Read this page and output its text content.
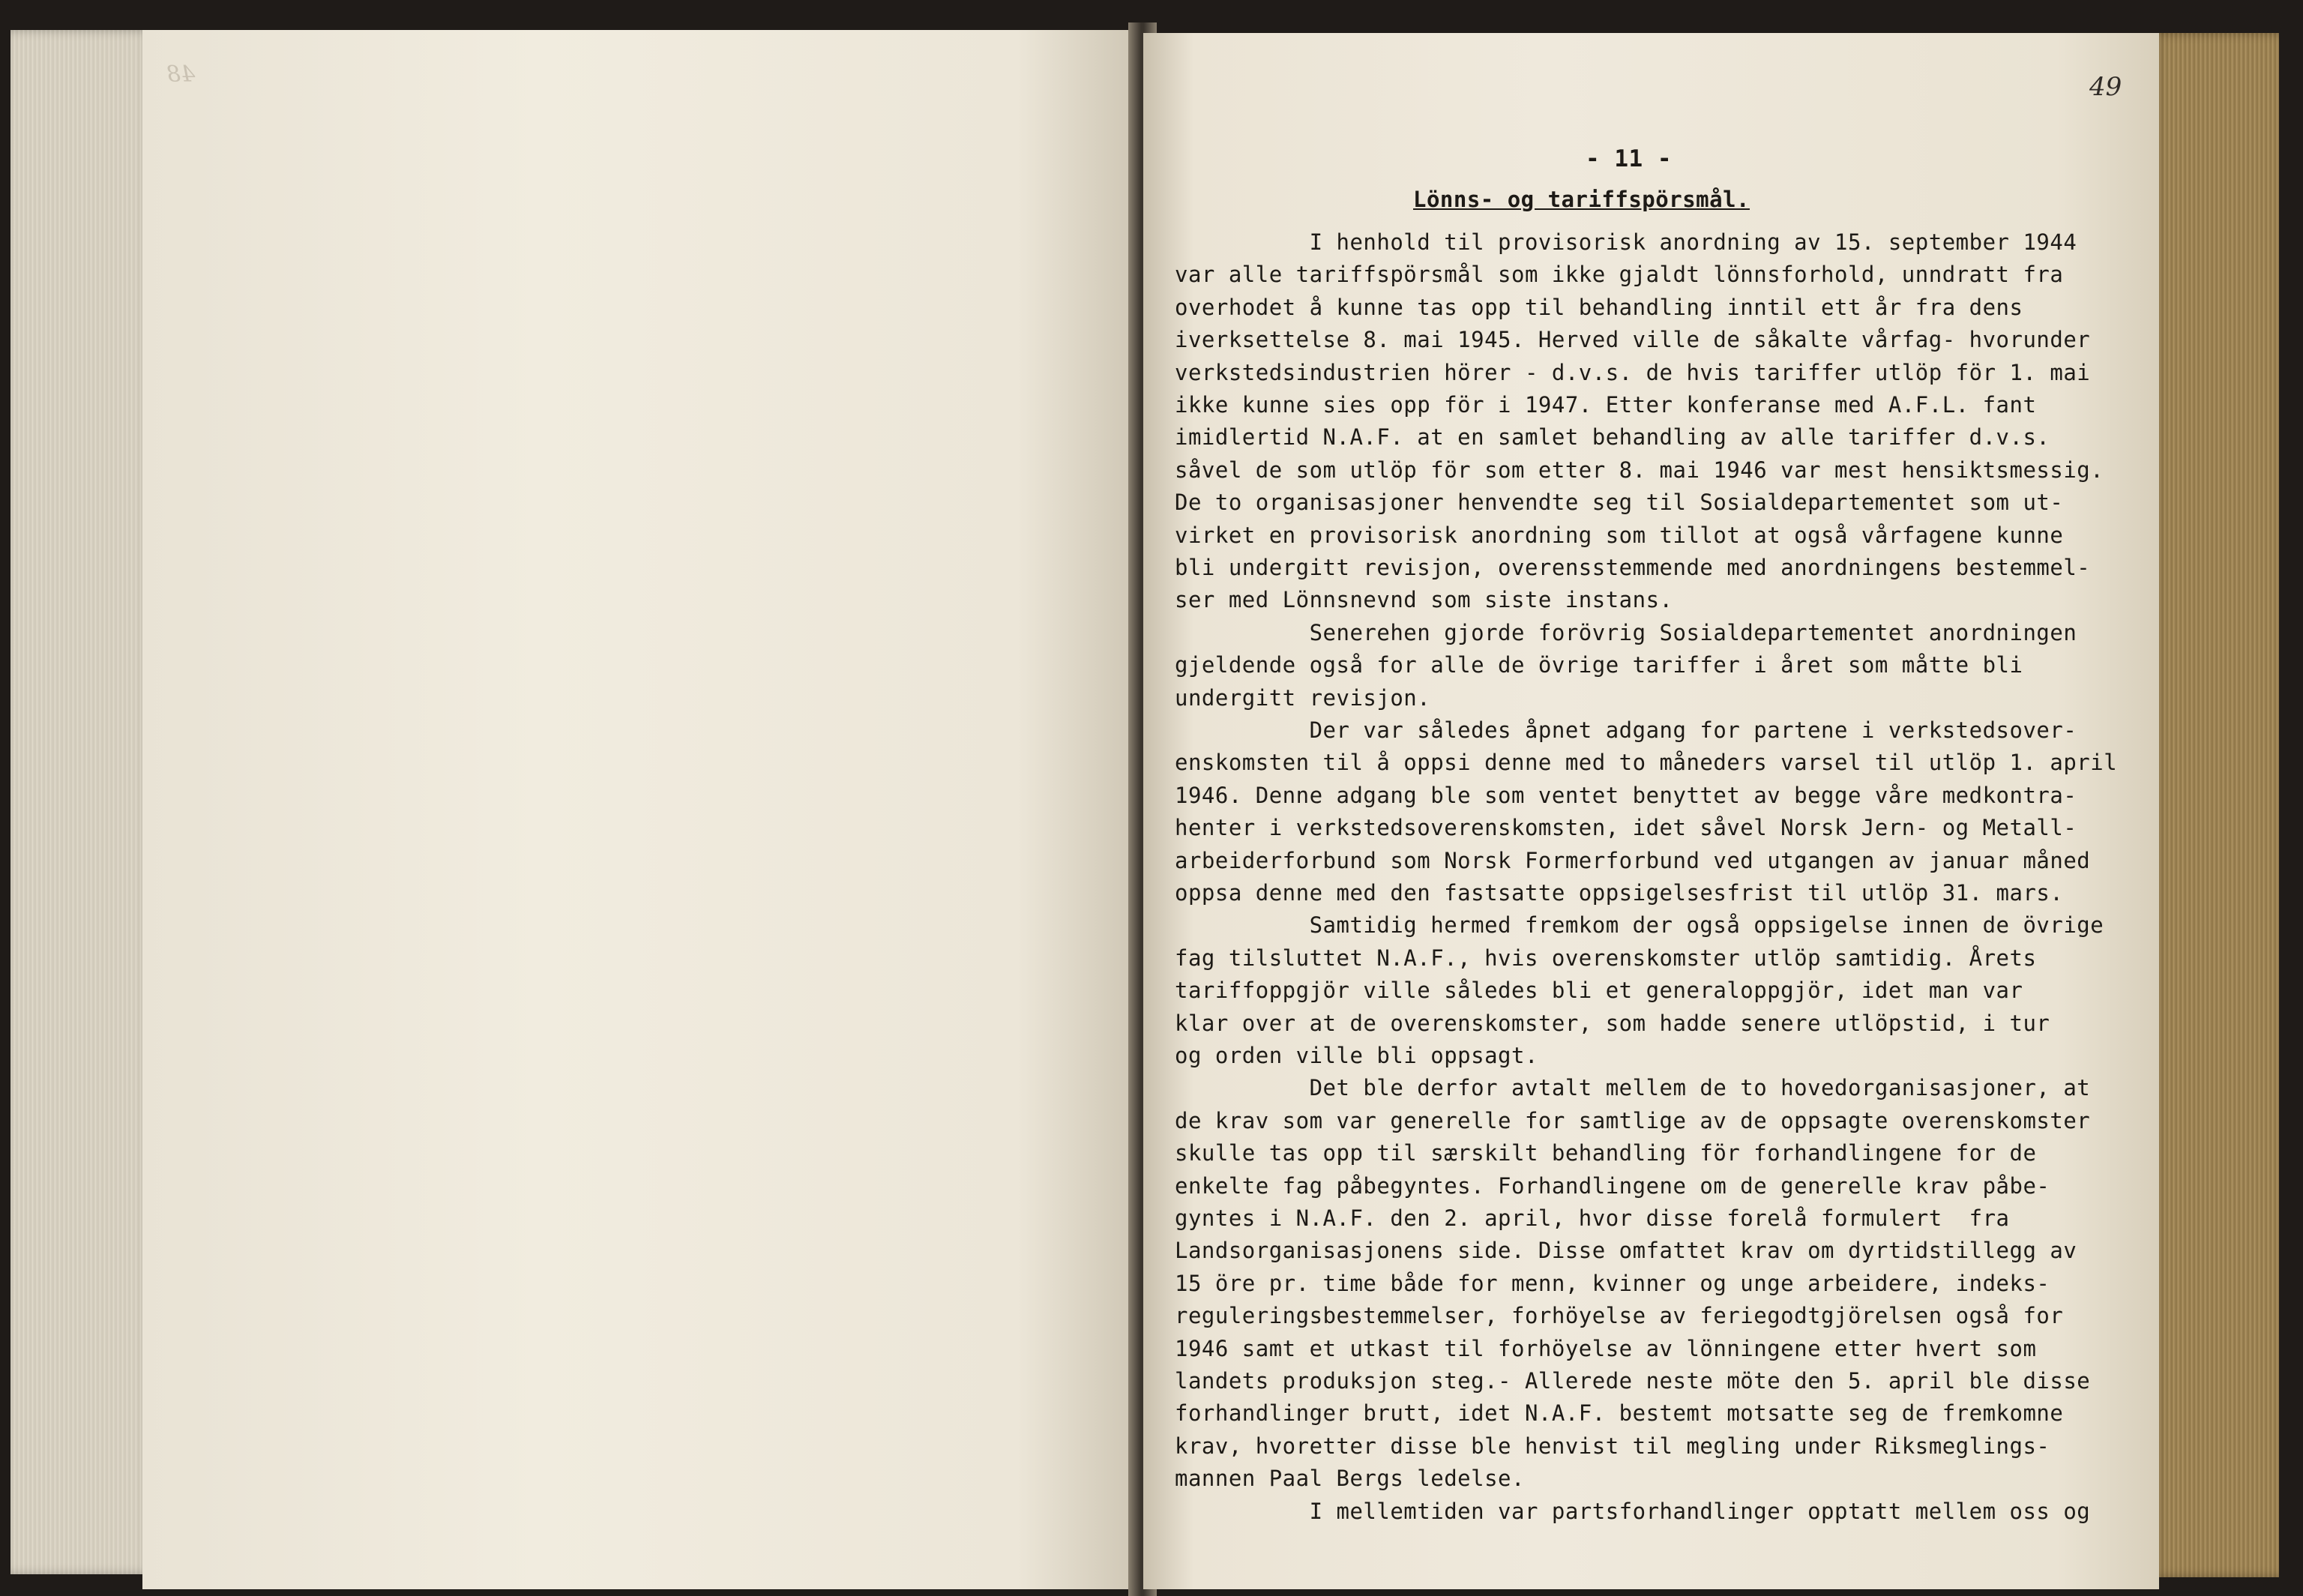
48	49
- 11 -
Lönns- og tariffspörsmål.
I henhold til provisorisk anordning av 15. september 1944
var alle tariffspörsmål som ikke gjaldt lönnsforhold, unndratt fra
overhodet å kunne tas opp til behandling inntil ett år fra dens
iverksettelse 8. mai 1945. Herved ville de såkalte vårfag- hvorunder
verkstedsindustrien hörer - d.v.s. de hvis tariffer utlöp för 1. mai
ikke kunne sies opp för i 1947. Etter konferanse med A.F.L. fant
imidlertid N.A.F. at en samlet behandling av alle tariffer d.v.s.
såvel de som utlöp för som etter 8. mai 1946 var mest hensiktsmessig.
De to organisasjoner henvendte seg til Sosialdepartementet som ut-
virket en provisorisk anordning som tillot at også vårfagene kunne
bli undergitt revisjon, overensstemmende med anordningens bestemmel-
ser med Lönnsnevnd som siste instans.
Senerehen gjorde forövrig Sosialdepartementet anordningen
gjeldende også for alle de övrige tariffer i året som måtte bli
undergitt revisjon.
Der var således åpnet adgang for partene i verkstedsover-
enskomsten til å oppsi denne med to måneders varsel til utlöp 1. april
1946. Denne adgang ble som ventet benyttet av begge våre medkontra-
henter i verkstedsoverenskomsten, idet såvel Norsk Jern- og Metall-
arbeiderforbund som Norsk Formerforbund ved utgangen av januar måned
oppsa denne med den fastsatte oppsigelsesfrist til utlöp 31. mars.
Samtidig hermed fremkom der også oppsigelse innen de övrige
fag tilsluttet N.A.F., hvis overenskomster utlöp samtidig. Årets
tariffoppgjör ville således bli et generaloppgjör, idet man var
klar over at de overenskomster, som hadde senere utlöpstid, i tur
og orden ville bli oppsagt.
Det ble derfor avtalt mellem de to hovedorganisasjoner, at
de krav som var generelle for samtlige av de oppsagte overenskomster
skulle tas opp til særskilt behandling för forhandlingene for de
enkelte fag påbegyntes. Forhandlingene om de generelle krav påbe-
gyntes i N.A.F. den 2. april, hvor disse forelå formulert  fra
Landsorganisasjonens side. Disse omfattet krav om dyrtidstillegg av
15 öre pr. time både for menn, kvinner og unge arbeidere, indeks-
reguleringsbestemmelser, forhöyelse av feriegodtgjörelsen også for
1946 samt et utkast til forhöyelse av lönningene etter hvert som
landets produksjon steg.- Allerede neste möte den 5. april ble disse
forhandlinger brutt, idet N.A.F. bestemt motsatte seg de fremkomne
krav, hvoretter disse ble henvist til megling under Riksmeglings-
mannen Paal Bergs ledelse.
I mellemtiden var partsforhandlinger opptatt mellem oss og
